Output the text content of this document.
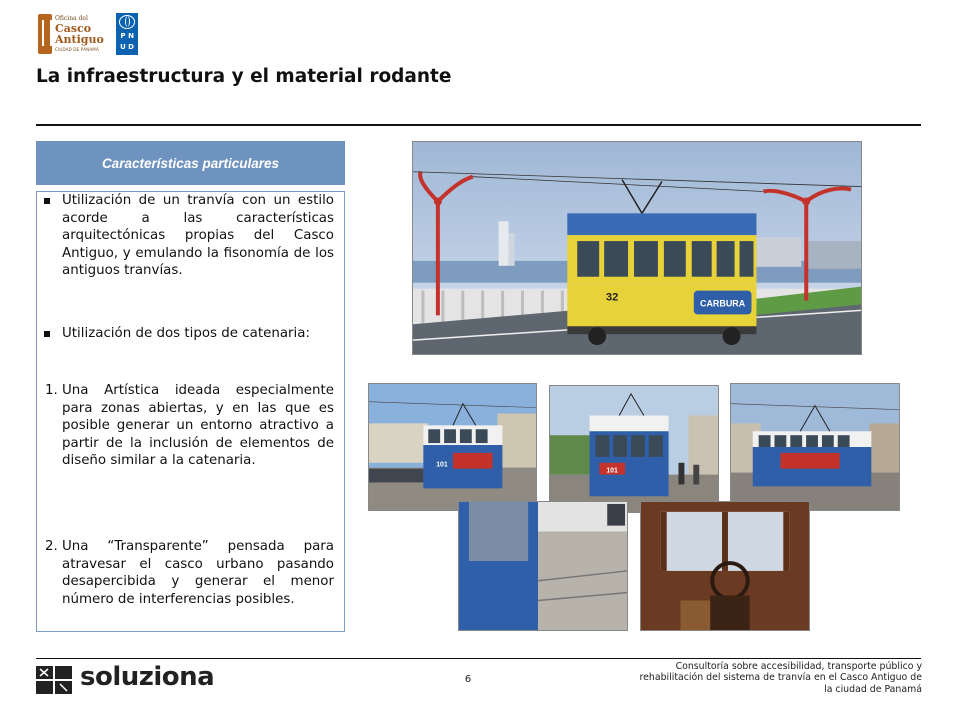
Oficina del
Casco
Antiguo
CIUDAD DE PANAMÁ
P N
U D
La infraestructura y el material rodante
Características particulares
Utilización de un tranvía con un estilo acorde a las características arquitectónicas propias del Casco Antiguo, y emulando la fisonomía de los antiguos tranvías.
Utilización de dos tipos de catenaria:
1. Una Artística ideada especialmente para zonas abiertas, y en las que es posible generar un entorno atractivo a partir de la inclusión de elementos de diseño similar a la catenaria.
2. Una “Transparente” pensada para atravesar el casco urbano pasando desapercibida y generar el menor número de interferencias posibles.
CARBURA
32
101
101
soluziona	6
Consultoría sobre accesibilidad, transporte público y rehabilitación del sistema de tranvía en el Casco Antiguo de la ciudad de Panamá
